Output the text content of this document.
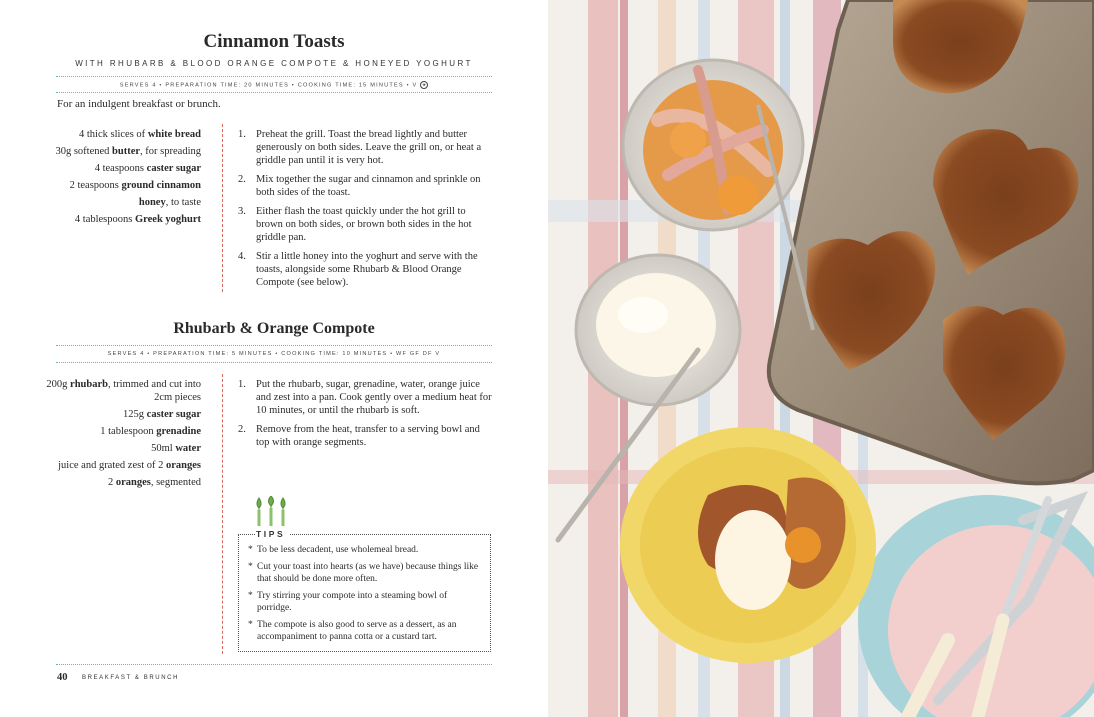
Cinnamon Toasts
WITH RHUBARB & BLOOD ORANGE COMPOTE & HONEYED YOGHURT
SERVES 4 • PREPARATION TIME: 20 MINUTES • COOKING TIME: 15 MINUTES • V ❀
For an indulgent breakfast or brunch.
4 thick slices of white bread
30g softened butter, for spreading
4 teaspoons caster sugar
2 teaspoons ground cinnamon
honey, to taste
4 tablespoons Greek yoghurt
1. Preheat the grill. Toast the bread lightly and butter generously on both sides. Leave the grill on, or heat a griddle pan until it is very hot.
2. Mix together the sugar and cinnamon and sprinkle on both sides of the toast.
3. Either flash the toast quickly under the hot grill to brown on both sides, or brown both sides in the hot griddle pan.
4. Stir a little honey into the yoghurt and serve with the toasts, alongside some Rhubarb & Blood Orange Compote (see below).
Rhubarb & Orange Compote
SERVES 4 • PREPARATION TIME: 5 MINUTES • COOKING TIME: 10 MINUTES • WF GF DF V
200g rhubarb, trimmed and cut into 2cm pieces
125g caster sugar
1 tablespoon grenadine
50ml water
juice and grated zest of 2 oranges
2 oranges, segmented
1. Put the rhubarb, sugar, grenadine, water, orange juice and zest into a pan. Cook gently over a medium heat for 10 minutes, or until the rhubarb is soft.
2. Remove from the heat, transfer to a serving bowl and top with orange segments.
* To be less decadent, use wholemeal bread.
* Cut your toast into hearts (as we have) because things like that should be done more often.
* Try stirring your compote into a steaming bowl of porridge.
* The compote is also good to serve as a dessert, as an accompaniment to panna cotta or a custard tart.
TIPS
40 BREAKFAST & BRUNCH
